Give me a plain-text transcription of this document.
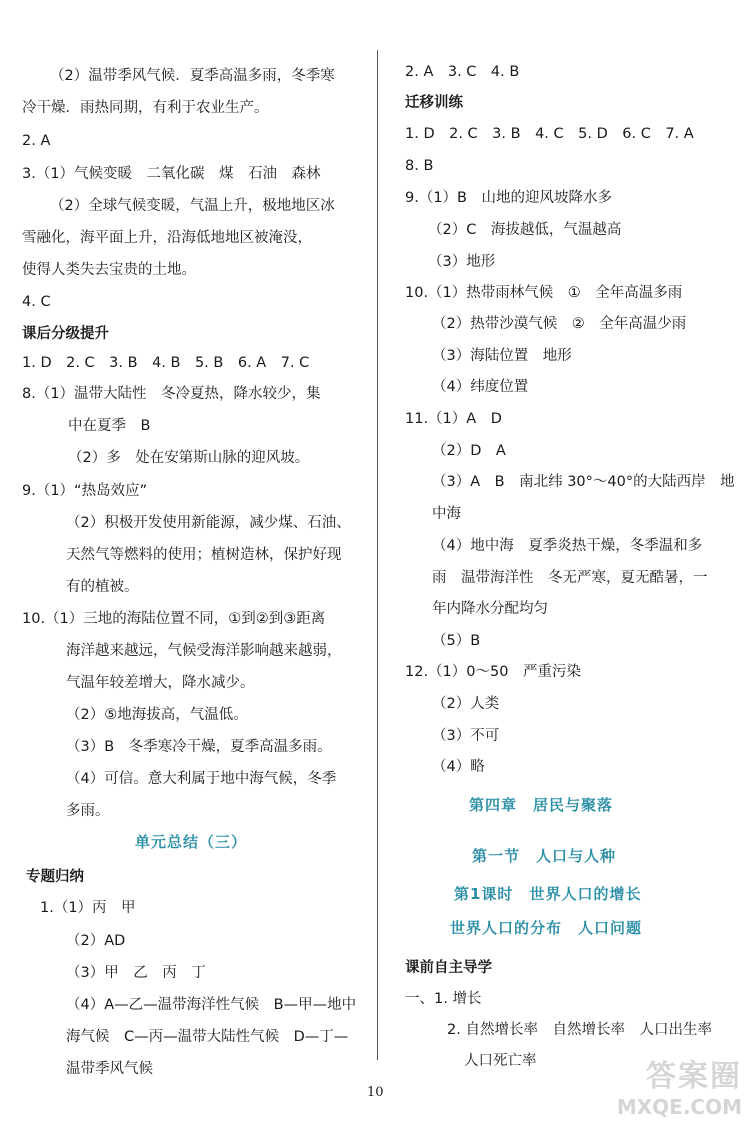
（2）温带季风气候．夏季高温多雨，冬季寒
冷干燥．雨热同期，有利于农业生产。
2. A
3.（1）气候变暖　二氧化碳　煤　石油　森林
（2）全球气候变暖，气温上升，极地地区冰
雪融化，海平面上升，沿海低地地区被淹没，
使得人类失去宝贵的土地。
4. C
课后分级提升
1. D　2. C　3. B　4. B　5. B　6. A　7. C
8.（1）温带大陆性　冬冷夏热，降水较少，集
中在夏季　B
（2）多　处在安第斯山脉的迎风坡。
9.（1）“热岛效应”
（2）积极开发使用新能源，减少煤、石油、
天然气等燃料的使用；植树造林，保护好现
有的植被。
10.（1）三地的海陆位置不同，①到②到③距离
海洋越来越远，气候受海洋影响越来越弱，
气温年较差增大，降水减少。
（2）⑤地海拔高，气温低。
（3）B　冬季寒冷干燥，夏季高温多雨。
（4）可信。意大利属于地中海气候，冬季
多雨。
单元总结（三）
专题归纳
1.（1）丙　甲
（2）AD
（3）甲　乙　丙　丁
（4）A—乙—温带海洋性气候　B—甲—地中
海气候　C—丙—温带大陆性气候　D—丁—
温带季风气候
2. A　3. C　4. B
迁移训练
1. D　2. C　3. B　4. C　5. D　6. C　7. A
8. B
9.（1）B　山地的迎风坡降水多
（2）C　海拔越低，气温越高
（3）地形
10.（1）热带雨林气候　①　全年高温多雨
（2）热带沙漠气候　②　全年高温少雨
（3）海陆位置　地形
（4）纬度位置
11.（1）A　D
（2）D　A
（3）A　B　南北纬 30°～40°的大陆西岸　地
中海
（4）地中海　夏季炎热干燥，冬季温和多
雨　温带海洋性　冬无严寒，夏无酷暑，一
年内降水分配均匀
（5）B
12.（1）0～50　严重污染
（2）人类
（3）不可
（4）略
第四章　居民与聚落
第一节　人口与人种
第1课时　世界人口的增长
世界人口的分布　人口问题
课前自主导学
一、1. 增长
2. 自然增长率　自然增长率　人口出生率
人口死亡率
10	答案圈
MXQE.COM
